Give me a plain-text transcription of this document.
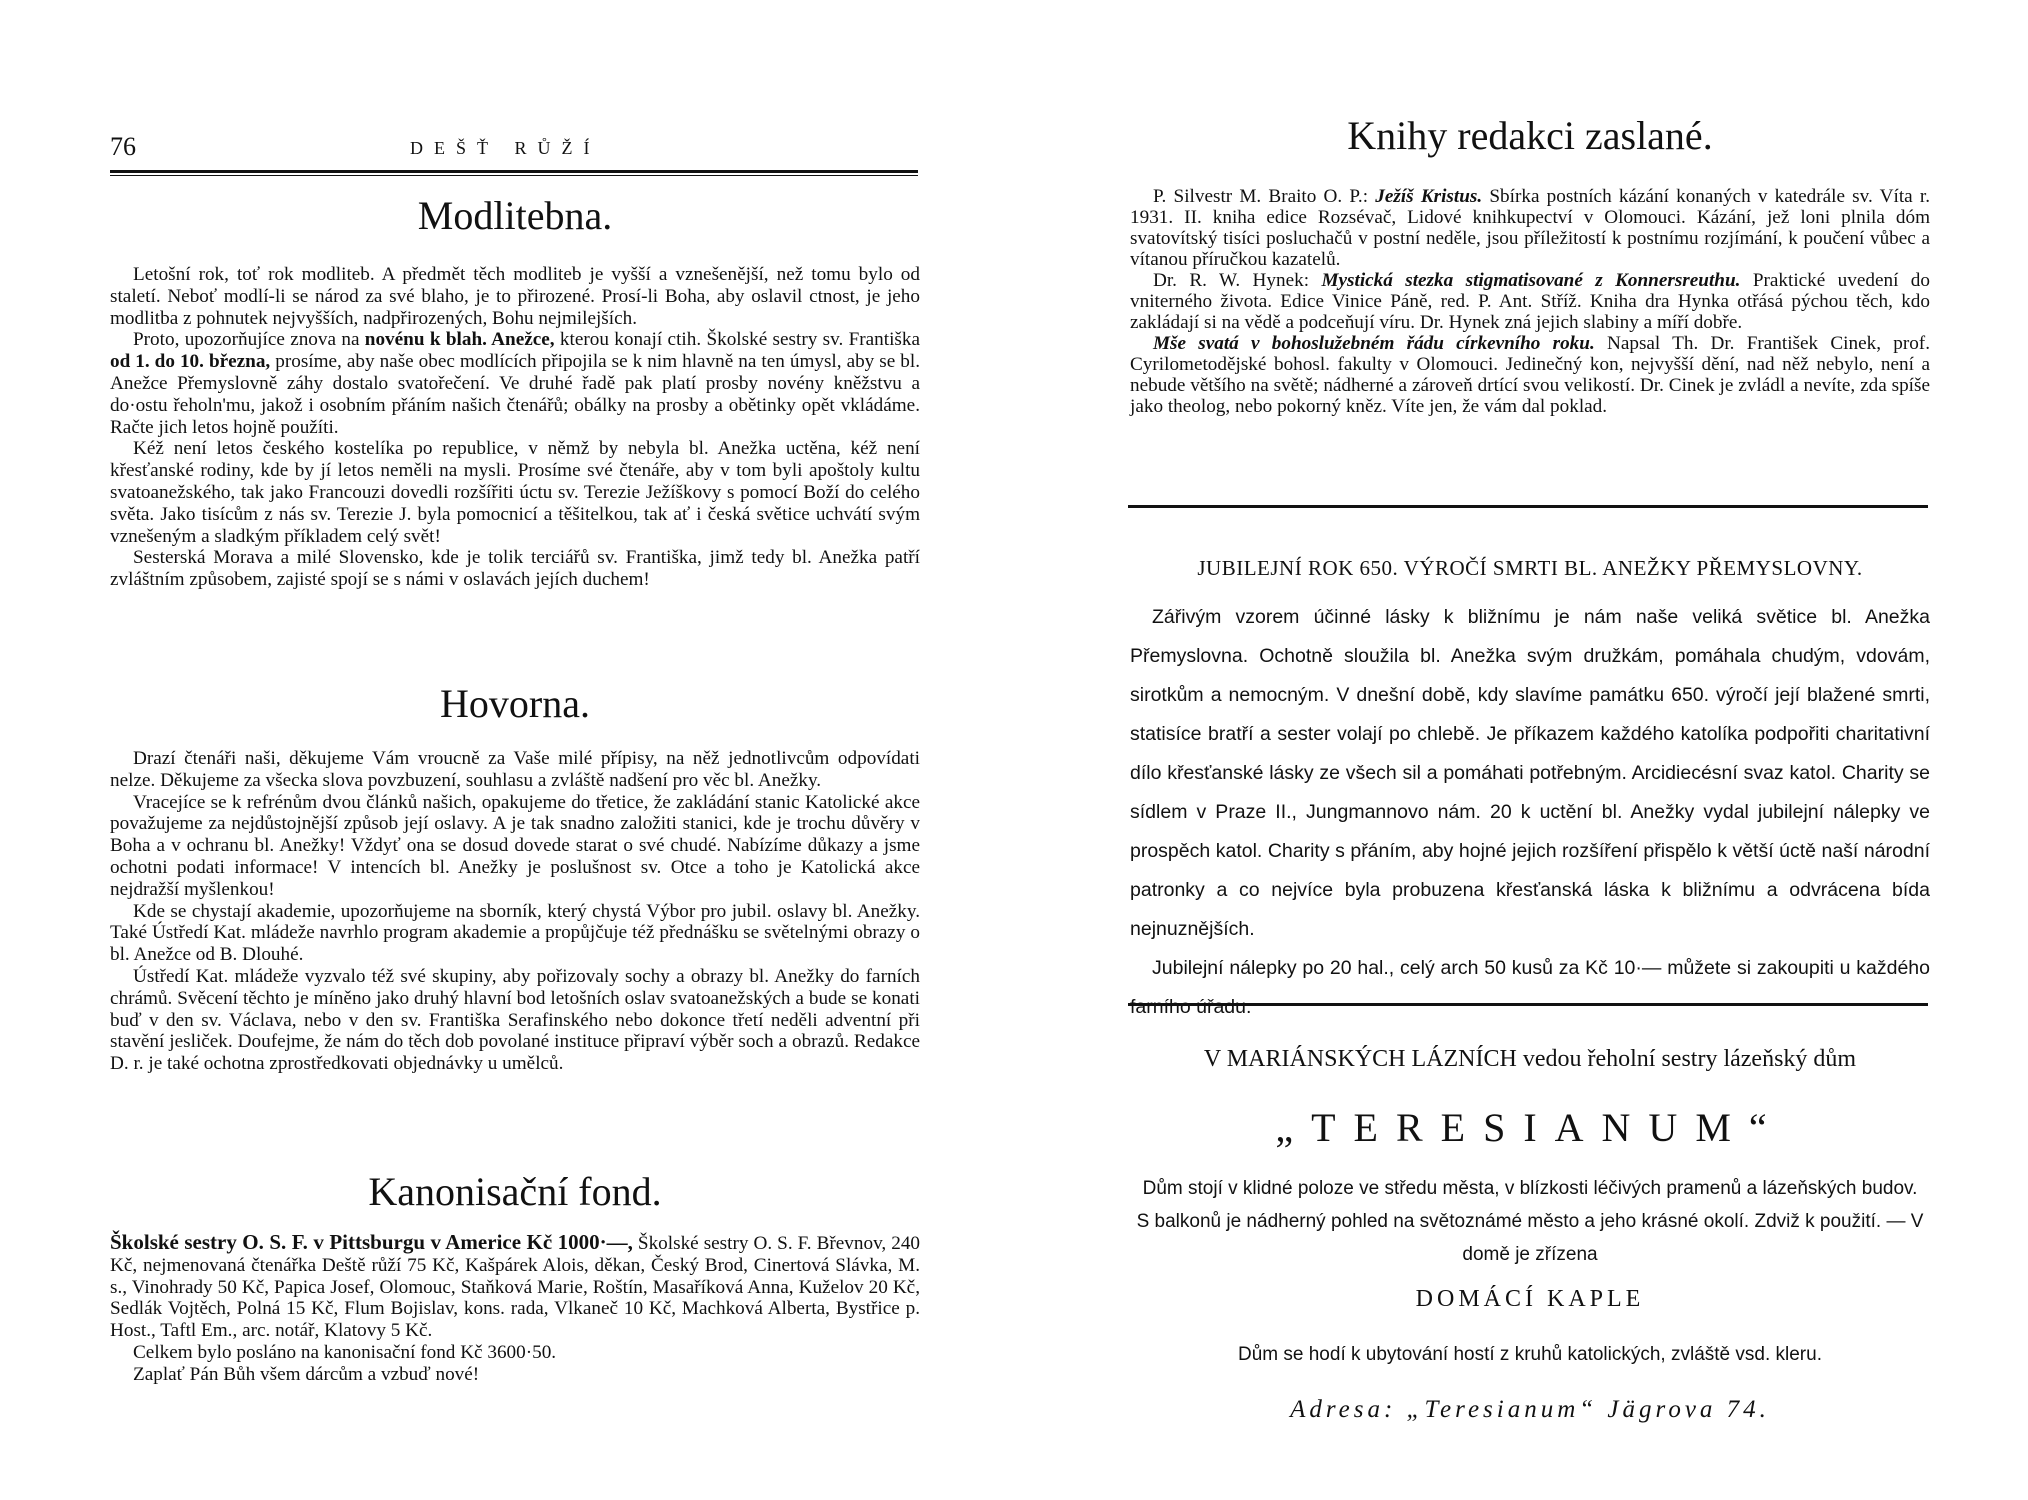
76	DEŠŤ RŮŽÍ
Modlitebna.

Letošní rok, toť rok modliteb. A předmět těch modliteb je vyšší a vznešenější, než tomu bylo od staletí. Neboť modlí-li se národ za své blaho, je to přirozené. Prosí-li Boha, aby oslavil ctnost, je jeho modlitba z pohnutek nejvyšších, nadpřirozených, Bohu nejmilejších.

Proto, upozorňujíce znova na novénu k blah. Anežce, kterou konají ctih. Školské sestry sv. Františka od 1. do 10. března, prosíme, aby naše obec modlících připojila se k nim hlavně na ten úmysl, aby se bl. Anežce Přemyslovně záhy dostalo svatořečení. Ve druhé řadě pak platí prosby novény kněžstvu a do·ostu řeholn'mu, jakož i osobním přáním našich čtenářů; obálky na prosby a obětinky opět vkládáme. Račte jich letos hojně použíti.

Kéž není letos českého kostelíka po republice, v němž by nebyla bl. Anežka uctěna, kéž není křesťanské rodiny, kde by jí letos neměli na mysli. Prosíme své čtenáře, aby v tom byli apoštoly kultu svatoanežského, tak jako Francouzi dovedli rozšířiti úctu sv. Terezie Ježíškovy s pomocí Boží do celého světa. Jako tisícům z nás sv. Terezie J. byla pomocnicí a těšitelkou, tak ať i česká světice uchvátí svým vznešeným a sladkým příkladem celý svět!

Sesterská Morava a milé Slovensko, kde je tolik terciářů sv. Františka, jimž tedy bl. Anežka patří zvláštním způsobem, zajisté spojí se s námi v oslavách jejích duchem!

Hovorna.

Drazí čtenáři naši, děkujeme Vám vroucně za Vaše milé přípisy, na něž jednotlivcům odpovídati nelze. Děkujeme za všecka slova povzbuzení, souhlasu a zvláště nadšení pro věc bl. Anežky.

Vracejíce se k refrénům dvou článků našich, opakujeme do třetice, že zakládání stanic Katolické akce považujeme za nejdůstojnější způsob její oslavy. A je tak snadno založiti stanici, kde je trochu důvěry v Boha a v ochranu bl. Anežky! Vždyť ona se dosud dovede starat o své chudé. Nabízíme důkazy a jsme ochotni podati informace! V intencích bl. Anežky je poslušnost sv. Otce a toho je Katolická akce nejdražší myšlenkou!

Kde se chystají akademie, upozorňujeme na sborník, který chystá Výbor pro jubil. oslavy bl. Anežky. Také Ústředí Kat. mládeže navrhlo program akademie a propůjčuje též přednášku se světelnými obrazy o bl. Anežce od B. Dlouhé.

Ústředí Kat. mládeže vyzvalo též své skupiny, aby pořizovaly sochy a obrazy bl. Anežky do farních chrámů. Svěcení těchto je míněno jako druhý hlavní bod letošních oslav svatoanežských a bude se konati buď v den sv. Václava, nebo v den sv. Františka Serafinského nebo dokonce třetí neděli adventní při stavění jesliček. Doufejme, že nám do těch dob povolané instituce připraví výběr soch a obrazů. Redakce D. r. je také ochotna zprostředkovati objednávky u umělců.

Kanonisační fond.

Školské sestry O. S. F. v Pittsburgu v Americe Kč 1000·—, Školské sestry O. S. F. Břevnov, 240 Kč, nejmenovaná čtenářka Deště růží 75 Kč, Kašpárek Alois, děkan, Český Brod, Cinertová Slávka, M. s., Vinohrady 50 Kč, Papica Josef, Olomouc, Staňková Marie, Roštín, Masaříková Anna, Kuželov 20 Kč, Sedlák Vojtěch, Polná 15 Kč, Flum Bojislav, kons. rada, Vlkaneč 10 Kč, Machková Alberta, Bystřice p. Host., Taftl Em., arc. notář, Klatovy 5 Kč.

Celkem bylo posláno na kanonisační fond Kč 3600·50.

Zaplať Pán Bůh všem dárcům a vzbuď nové!

Knihy redakci zaslané.

P. Silvestr M. Braito O. P.: Ježíš Kristus. Sbírka postních kázání konaných v katedrále sv. Víta r. 1931. II. kniha edice Rozsévač, Lidové knihkupectví v Olomouci. Kázání, jež loni plnila dóm svatovítský tisíci posluchačů v postní neděle, jsou příležitostí k postnímu rozjímání, k poučení vůbec a vítanou příručkou kazatelů.

Dr. R. W. Hynek: Mystická stezka stigmatisované z Konnersreuthu. Praktické uvedení do vniterného života. Edice Vinice Páně, red. P. Ant. Stříž. Kniha dra Hynka otřásá pýchou těch, kdo zakládají si na vědě a podceňují víru. Dr. Hynek zná jejich slabiny a míří dobře.

Mše svatá v bohoslužebném řádu církevního roku. Napsal Th. Dr. František Cinek, prof. Cyrilometodějské bohosl. fakulty v Olomouci. Jedinečný kon, nejvyšší dění, nad něž nebylo, není a nebude většího na světě; nádherné a zároveň drtící svou velikostí. Dr. Cinek je zvládl a nevíte, zda spíše jako theolog, nebo pokorný kněz. Víte jen, že vám dal poklad.

JUBILEJNÍ ROK 650. VÝROČÍ SMRTI BL. ANEŽKY PŘEMYSLOVNY.

Zářivým vzorem účinné lásky k bližnímu je nám naše veliká světice bl. Anežka Přemyslovna. Ochotně sloužila bl. Anežka svým družkám, pomáhala chudým, vdovám, sirotkům a nemocným. V dnešní době, kdy slavíme památku 650. výročí její blažené smrti, statisíce bratří a sester volají po chlebě. Je příkazem každého katolíka podpořiti charitativní dílo křesťanské lásky ze všech sil a pomáhati potřebným. Arcidiecésní svaz katol. Charity se sídlem v Praze II., Jungmannovo nám. 20 k uctění bl. Anežky vydal jubilejní nálepky ve prospěch katol. Charity s přáním, aby hojné jejich rozšíření přispělo k větší úctě naší národní patronky a co nejvíce byla probuzena křesťanská láska k bližnímu a odvrácena bída nejnuznějších.

Jubilejní nálepky po 20 hal., celý arch 50 kusů za Kč 10·— můžete si zakoupiti u každého farního úřadu.

V MARIÁNSKÝCH LÁZNÍCH vedou řeholní sestry lázeňský dům
„TERESIANUM“
Dům stojí v klidné poloze ve středu města, v blízkosti léčivých pramenů a lázeňských budov. S balkonů je nádherný pohled na světoznámé město a jeho krásné okolí. Zdviž k použití. — V domě je zřízena
DOMÁCÍ KAPLE
Dům se hodí k ubytování hostí z kruhů katolických, zvláště vsd. kleru.
Adresa: „Teresianum“ Jägrova 74.
